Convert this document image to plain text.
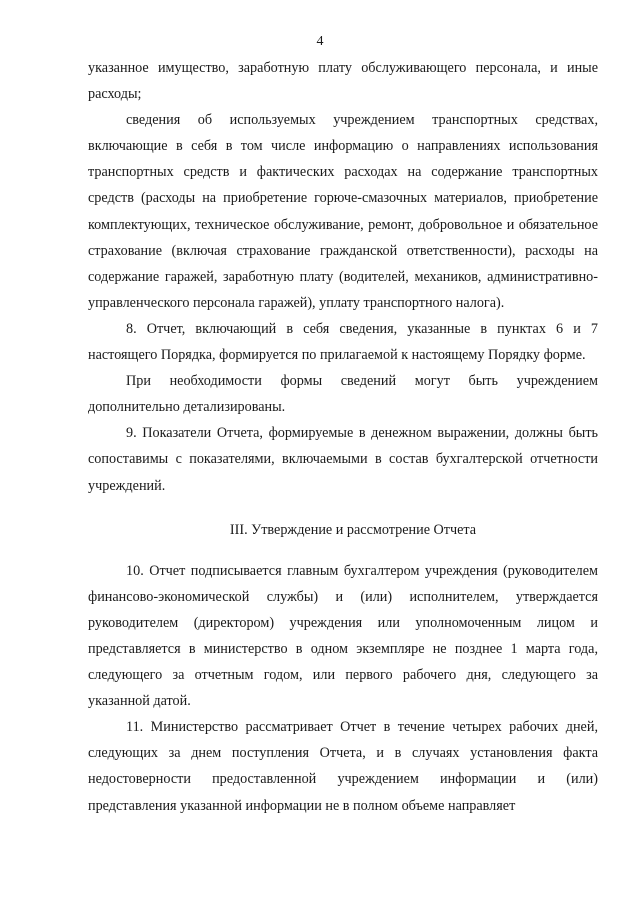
4

указанное имущество, заработную плату обслуживающего персонала, и иные расходы;

сведения об используемых учреждением транспортных средствах, включающие в себя в том числе информацию о направлениях использования транспортных средств и фактических расходах на содержание транспортных средств (расходы на приобретение горюче-смазочных материалов, приобретение комплектующих, техническое обслуживание, ремонт, добровольное и обязательное страхование (включая страхование гражданской ответственности), расходы на содержание гаражей, заработную плату (водителей, механиков, административно-управленческого персонала гаражей), уплату транспортного налога).

8. Отчет, включающий в себя сведения, указанные в пунктах 6 и 7 настоящего Порядка, формируется по прилагаемой к настоящему Порядку форме.

При необходимости формы сведений могут быть учреждением дополнительно детализированы.

9. Показатели Отчета, формируемые в денежном выражении, должны быть сопоставимы с показателями, включаемыми в состав бухгалтерской отчетности учреждений.

III. Утверждение и рассмотрение Отчета

10. Отчет подписывается главным бухгалтером учреждения (руководителем финансово-экономической службы) и (или) исполнителем, утверждается руководителем (директором) учреждения или уполномоченным лицом и представляется в министерство в одном экземпляре не позднее 1 марта года, следующего за отчетным годом, или первого рабочего дня, следующего за указанной датой.

11. Министерство рассматривает Отчет в течение четырех рабочих дней, следующих за днем поступления Отчета, и в случаях установления факта недостоверности предоставленной учреждением информации и (или) представления указанной информации не в полном объеме направляет
